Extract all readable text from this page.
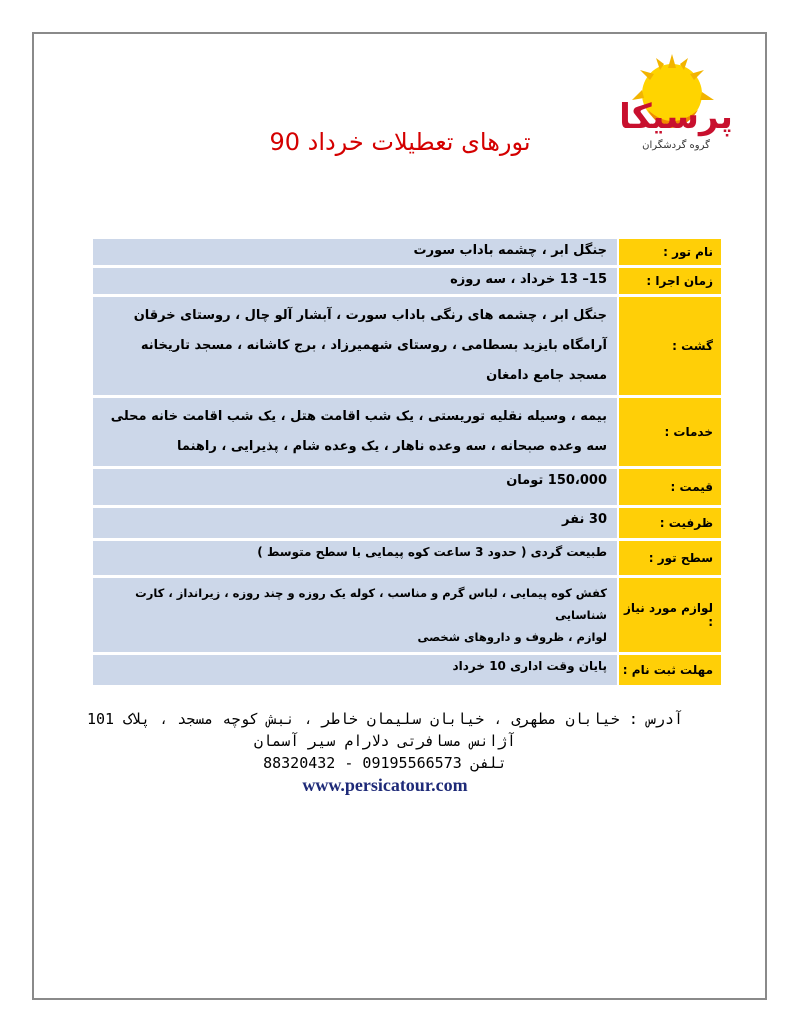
پرسیکا
گروه گردشگران
تورهای تعطیلات خرداد 90
نام تور :	جنگل ابر ، چشمه باداب سورت
زمان اجرا :	15– 13 خرداد ، سه روزه
گشت :	جنگل ابر ، چشمه های رنگی باداب سورت ، آبشار آلو چال ، روستای خرقان
آرامگاه بایزید بسطامی ، روستای شهمیرزاد ، برج کاشانه ، مسجد تاریخانه
مسجد جامع دامغان

خدمات :	بیمه ، وسیله نقلیه توریستی ، یک شب اقامت هتل ، یک شب اقامت خانه محلی
سه وعده صبحانه ، سه وعده ناهار ، یک وعده شام ، پذیرایی ، راهنما

قیمت :	150،000 تومان
ظرفیت :	30 نفر
سطح تور :	طبیعت گردی ( حدود 3 ساعت کوه پیمایی با سطح متوسط )
لوازم مورد نیاز :	کفش کوه پیمایی ، لباس گرم و مناسب ، کوله یک روزه و چند روزه ، زیرانداز ، کارت شناسایی
لوازم ، ظروف و داروهای شخصی

مهلت ثبت نام :	پایان وقت اداری 10 خرداد
آدرس : خیابان مطهری ، خیابان سلیمان خاطر ، نبش کوچه مسجد ، پلاک 101
آژانس مسافرتی دلارام سیر آسمان
تلفن 09195566573 - 88320432
www.persicatour.com
